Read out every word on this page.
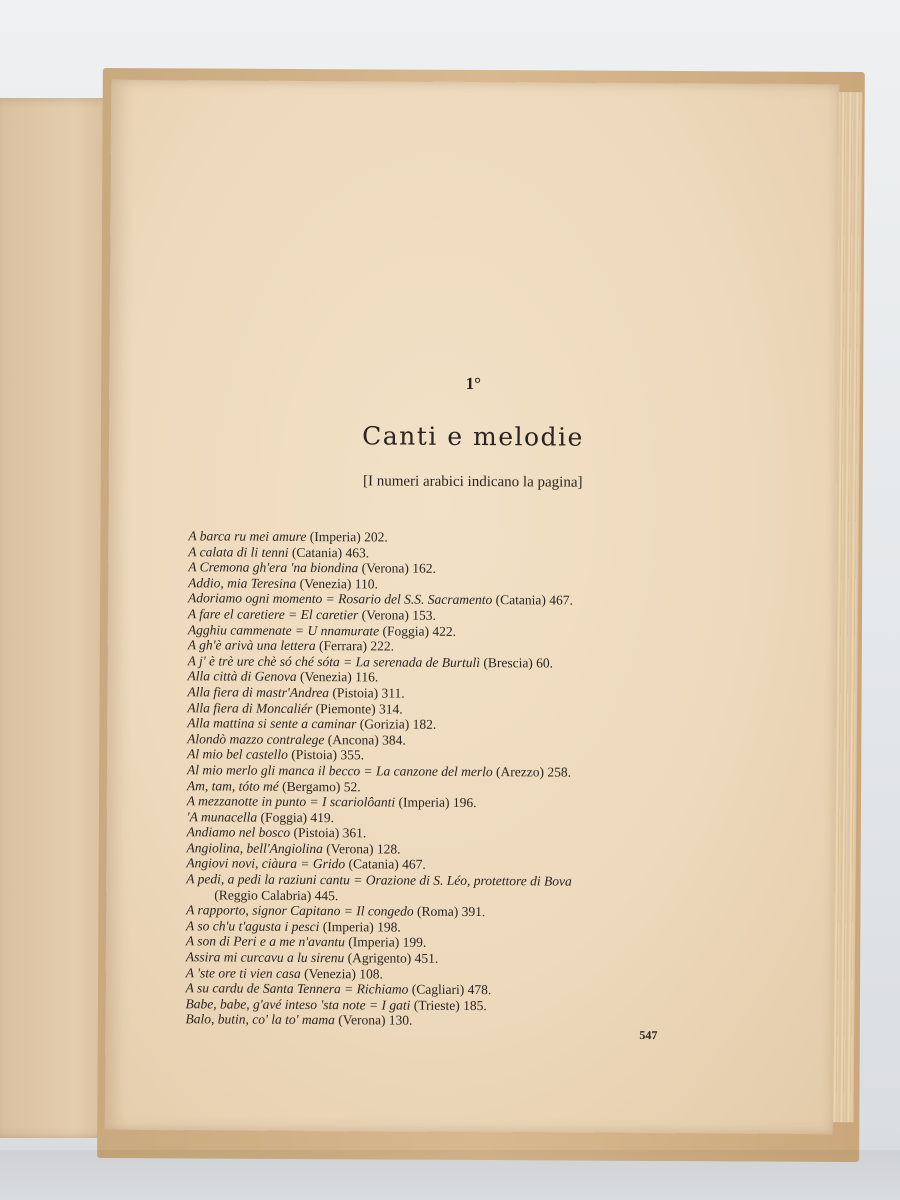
1°
Canti e melodie
[I numeri arabici indicano la pagina]
A barca ru mei amure (Imperia) 202.
A calata di li tenni (Catania) 463.
A Cremona gh'era 'na biondina (Verona) 162.
Addio, mia Teresina (Venezia) 110.
Adoriamo ogni momento = Rosario del S.S. Sacramento (Catania) 467.
A fare el caretiere = El caretier (Verona) 153.
Agghiu cammenate = U nnamurate (Foggia) 422.
A gh'è arivà una lettera (Ferrara) 222.
A j' è trè ure chè só ché sóta = La serenada de Burtulì (Brescia) 60.
Alla città di Genova (Venezia) 116.
Alla fiera di mastr'Andrea (Pistoia) 311.
Alla fiera di Moncaliér (Piemonte) 314.
Alla mattina si sente a caminar (Gorizia) 182.
Alondò mazzo contralege (Ancona) 384.
Al mio bel castello (Pistoia) 355.
Al mio merlo gli manca il becco = La canzone del merlo (Arezzo) 258.
Am, tam, tóto mé (Bergamo) 52.
A mezzanotte in punto = I scariolôanti (Imperia) 196.
'A munacella (Foggia) 419.
Andiamo nel bosco (Pistoia) 361.
Angiolina, bell'Angiolina (Verona) 128.
Angiovi novi, ciàura = Grido (Catania) 467.
A pedi, a pedi la raziuni cantu = Orazione di S. Léo, protettore di Bova
(Reggio Calabria) 445.
A rapporto, signor Capitano = Il congedo (Roma) 391.
A so ch'u t'agusta i pesci (Imperia) 198.
A son di Peri e a me n'avantu (Imperia) 199.
Assira mi curcavu a lu sirenu (Agrigento) 451.
A 'ste ore ti vien casa (Venezia) 108.
A su cardu de Santa Tennera = Richiamo (Cagliari) 478.
Babe, babe, g'avé inteso 'sta note = I gati (Trieste) 185.
Balo, butin, co' la to' mama (Verona) 130.
547
